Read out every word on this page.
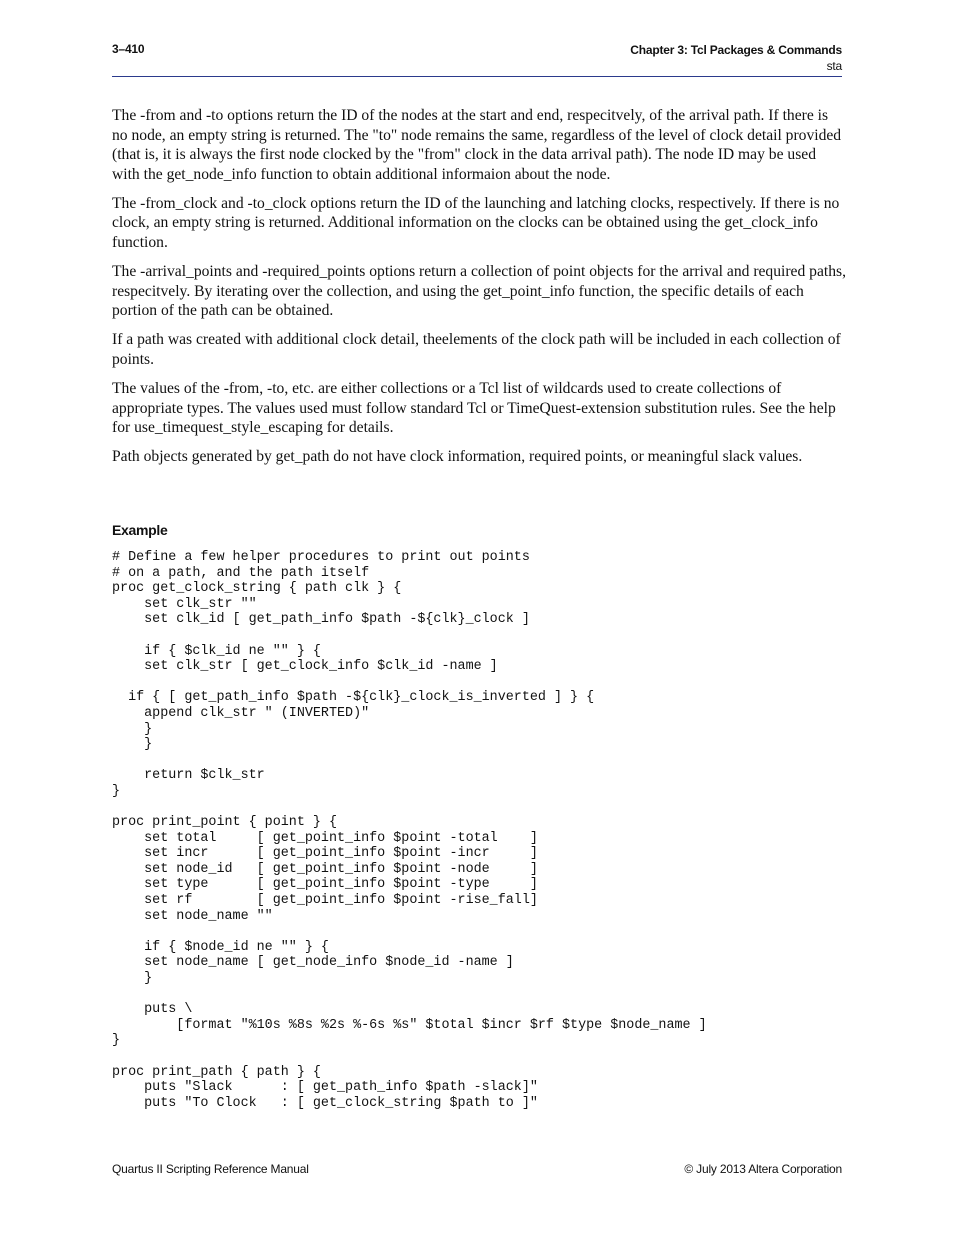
3–410	Chapter 3: Tcl Packages & Commands
sta

The -from and -to options return the ID of the nodes at the start and end, respecitvely, of the arrival path. If there is no node, an empty string is returned. The "to" node remains the same, regardless of the level of clock detail provided (that is, it is always the first node clocked by the "from" clock in the data arrival path). The node ID may be used with the get_node_info function to obtain additional informaion about the node.

The -from_clock and -to_clock options return the ID of the launching and latching clocks, respectively. If there is no clock, an empty string is returned. Additional information on the clocks can be obtained using the get_clock_info function.

The -arrival_points and -required_points options return a collection of point objects for the arrival and required paths, respecitvely. By iterating over the collection, and using the get_point_info function, the specific details of each portion of the path can be obtained.

If a path was created with additional clock detail, theelements of the clock path will be included in each collection of points.

The values of the -from, -to, etc. are either collections or a Tcl list of wildcards used to create collections of appropriate types. The values used must follow standard Tcl or TimeQuest-extension substitution rules. See the help for use_timequest_style_escaping for details.

Path objects generated by get_path do not have clock information, required points, or meaningful slack values.

Example
# Define a few helper procedures to print out points
# on a path, and the path itself
proc get_clock_string { path clk } {
set clk_str ""
set clk_id [ get_path_info $path -${clk}_clock ]

if { $clk_id ne "" } {
set clk_str [ get_clock_info $clk_id -name ]

if { [ get_path_info $path -${clk}_clock_is_inverted ] } {
append clk_str " (INVERTED)"
}
}

return $clk_str
}

proc print_point { point } {
set total     [ get_point_info $point -total    ]
set incr      [ get_point_info $point -incr     ]
set node_id   [ get_point_info $point -node     ]
set type      [ get_point_info $point -type     ]
set rf        [ get_point_info $point -rise_fall]
set node_name ""

if { $node_id ne "" } {
set node_name [ get_node_info $node_id -name ]
}

puts \
[format "%10s %8s %2s %-6s %s" $total $incr $rf $type $node_name ]
}

proc print_path { path } {
puts "Slack      : [ get_path_info $path -slack]"
puts "To Clock   : [ get_clock_string $path to ]"
Quartus II Scripting Reference Manual	© July 2013 Altera Corporation
